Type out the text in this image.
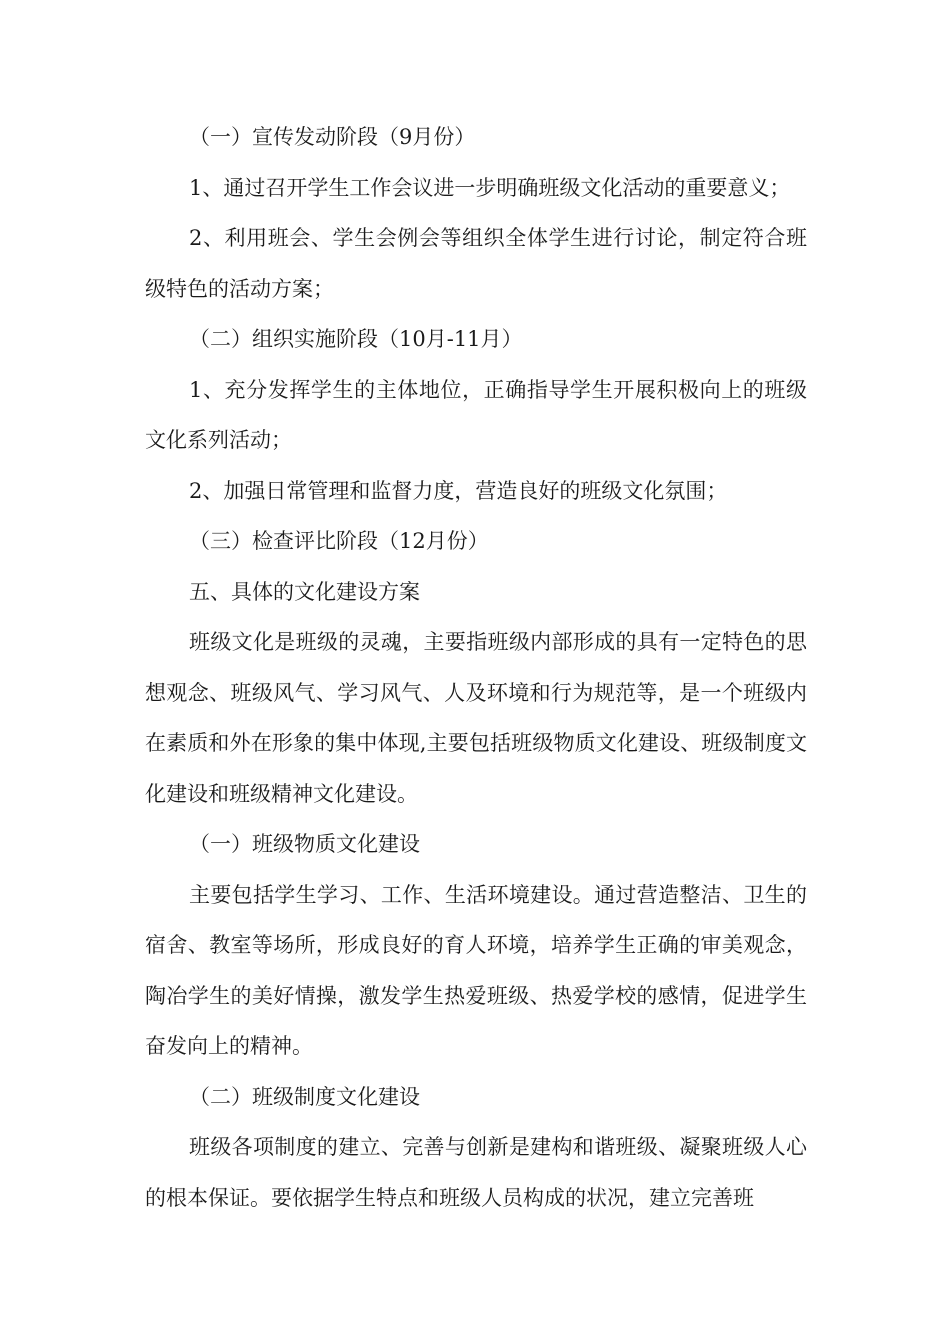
（一）宣传发动阶段（9月份）

1、通过召开学生工作会议进一步明确班级文化活动的重要意义；

2、利用班会、学生会例会等组织全体学生进行讨论，制定符合班级特色的活动方案；

（二）组织实施阶段（10月-11月）

1、充分发挥学生的主体地位，正确指导学生开展积极向上的班级文化系列活动；

2、加强日常管理和监督力度，营造良好的班级文化氛围；

（三）检查评比阶段（12月份）

五、具体的文化建设方案

班级文化是班级的灵魂，主要指班级内部形成的具有一定特色的思想观念、班级风气、学习风气、人及环境和行为规范等，是一个班级内在素质和外在形象的集中体现,主要包括班级物质文化建设、班级制度文化建设和班级精神文化建设。

（一）班级物质文化建设

主要包括学生学习、工作、生活环境建设。通过营造整洁、卫生的宿舍、教室等场所，形成良好的育人环境，培养学生正确的审美观念，陶冶学生的美好情操，激发学生热爱班级、热爱学校的感情，促进学生奋发向上的精神。

（二）班级制度文化建设

班级各项制度的建立、完善与创新是建构和谐班级、凝聚班级人心的根本保证。要依据学生特点和班级人员构成的状况，建立完善班
